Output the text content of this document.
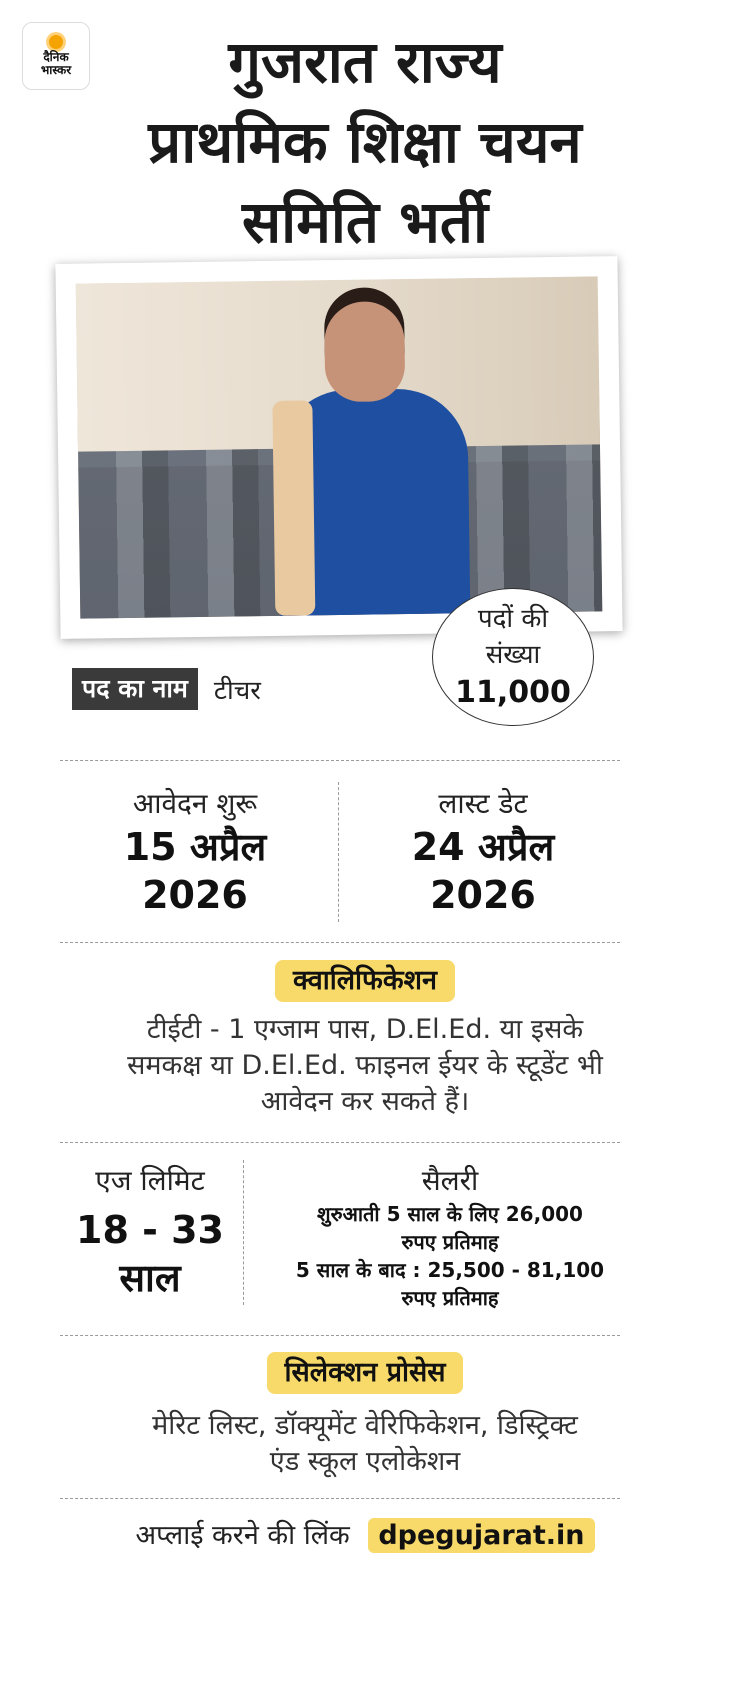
दैनिक
भास्कर	गुजरात राज्य
प्राथमिक शिक्षा चयन
समिति भर्ती
पदों की
संख्या
11,000
पद का नाम	टीचर
आवेदन शुरू
15 अप्रैल
2026
लास्ट डेट
24 अप्रैल
2026
क्वालिफिकेशन
टीईटी - 1 एग्जाम पास, D.El.Ed. या इसके
समकक्ष या D.El.Ed. फाइनल ईयर के स्टूडेंट भी
आवेदन कर सकते हैं।
एज लिमिट
18 - 33
साल
सैलरी
शुरुआती 5 साल के लिए 26,000
रुपए प्रतिमाह
5 साल के बाद : 25,500 - 81,100
रुपए प्रतिमाह
सिलेक्शन प्रोसेस
मेरिट लिस्ट, डॉक्यूमेंट वेरिफिकेशन, डिस्ट्रिक्ट
एंड स्कूल एलोकेशन
अप्लाई करने की लिंक dpegujarat.in
